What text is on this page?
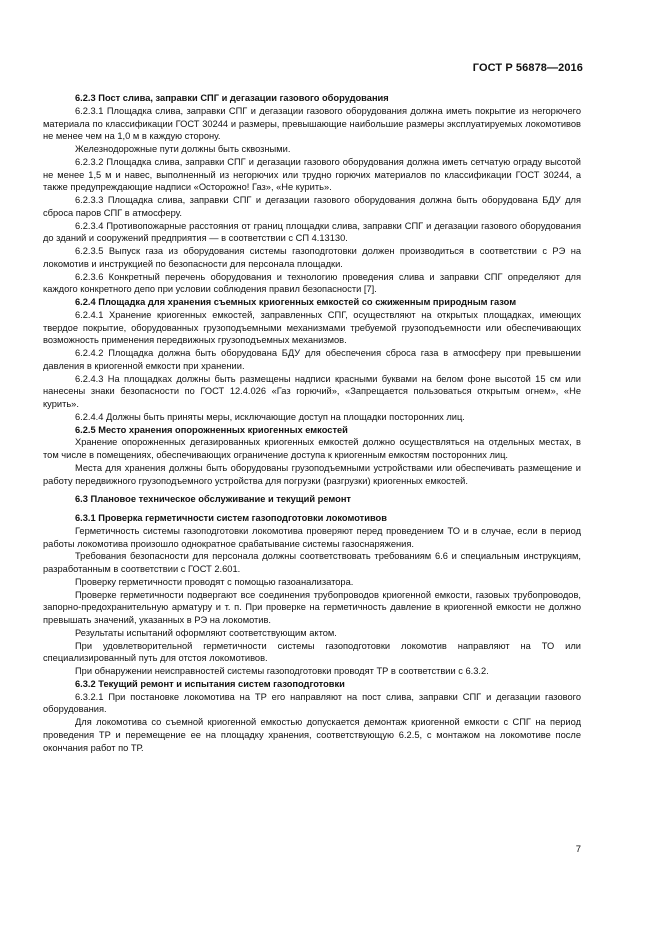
ГОСТ Р 56878—2016
6.2.3 Пост слива, заправки СПГ и дегазации газового оборудования

6.2.3.1 Площадка слива, заправки СПГ и дегазации газового оборудования должна иметь покрытие из негорючего материала по классификации ГОСТ 30244 и размеры, превышающие наибольшие размеры эксплуатируемых локомотивов не менее чем на 1,0 м в каждую сторону.

Железнодорожные пути должны быть сквозными.

6.2.3.2 Площадка слива, заправки СПГ и дегазации газового оборудования должна иметь сетчатую ограду высотой не менее 1,5 м и навес, выполненный из негорючих или трудно горючих материалов по классификации ГОСТ 30244, а также предупреждающие надписи «Осторожно! Газ», «Не курить».

6.2.3.3 Площадка слива, заправки СПГ и дегазации газового оборудования должна быть оборудована БДУ для сброса паров СПГ в атмосферу.

6.2.3.4 Противопожарные расстояния от границ площадки слива, заправки СПГ и дегазации газового оборудования до зданий и сооружений предприятия — в соответствии с СП 4.13130.

6.2.3.5 Выпуск газа из оборудования системы газоподготовки должен производиться в соответствии с РЭ на локомотив и инструкцией по безопасности для персонала площадки.

6.2.3.6 Конкретный перечень оборудования и технологию проведения слива и заправки СПГ определяют для каждого конкретного депо при условии соблюдения правил безопасности [7].

6.2.4 Площадка для хранения съемных криогенных емкостей со сжиженным природным газом

6.2.4.1 Хранение криогенных емкостей, заправленных СПГ, осуществляют на открытых площадках, имеющих твердое покрытие, оборудованных грузоподъемными механизмами требуемой грузоподъемности или обеспечивающих возможность применения передвижных грузоподъемных механизмов.

6.2.4.2 Площадка должна быть оборудована БДУ для обеспечения сброса газа в атмосферу при превышении давления в криогенной емкости при хранении.

6.2.4.3 На площадках должны быть размещены надписи красными буквами на белом фоне высотой 15 см или нанесены знаки безопасности по ГОСТ 12.4.026 «Газ горючий», «Запрещается пользоваться открытым огнем», «Не курить».

6.2.4.4 Должны быть приняты меры, исключающие доступ на площадки посторонних лиц.

6.2.5 Место хранения опорожненных криогенных емкостей

Хранение опорожненных дегазированных криогенных емкостей должно осуществляться на отдельных местах, в том числе в помещениях, обеспечивающих ограничение доступа к криогенным емкостям посторонних лиц.

Места для хранения должны быть оборудованы грузоподъемными устройствами или обеспечивать размещение и работу передвижного грузоподъемного устройства для погрузки (разгрузки) криогенных емкостей.

6.3 Плановое техническое обслуживание и текущий ремонт
6.3.1 Проверка герметичности систем газоподготовки локомотивов

Герметичность системы газоподготовки локомотива проверяют перед проведением ТО и в случае, если в период работы локомотива произошло однократное срабатывание системы газоснаряжения.

Требования безопасности для персонала должны соответствовать требованиям 6.6 и специальным инструкциям, разработанным в соответствии с ГОСТ 2.601.

Проверку герметичности проводят с помощью газоанализатора.

Проверке герметичности подвергают все соединения трубопроводов криогенной емкости, газовых трубопроводов, запорно-предохранительную арматуру и т. п. При проверке на герметичность давление в криогенной емкости не должно превышать значений, указанных в РЭ на локомотив.

Результаты испытаний оформляют соответствующим актом.

При удовлетворительной герметичности системы газоподготовки локомотив направляют на ТО или специализированный путь для отстоя локомотивов.

При обнаружении неисправностей системы газоподготовки проводят ТР в соответствии с 6.3.2.

6.3.2 Текущий ремонт и испытания систем газоподготовки

6.3.2.1 При постановке локомотива на ТР его направляют на пост слива, заправки СПГ и дегазации газового оборудования.

Для локомотива со съемной криогенной емкостью допускается демонтаж криогенной емкости с СПГ на период проведения ТР и перемещение ее на площадку хранения, соответствующую 6.2.5, с монтажом на локомотиве после окончания работ по ТР.

7
